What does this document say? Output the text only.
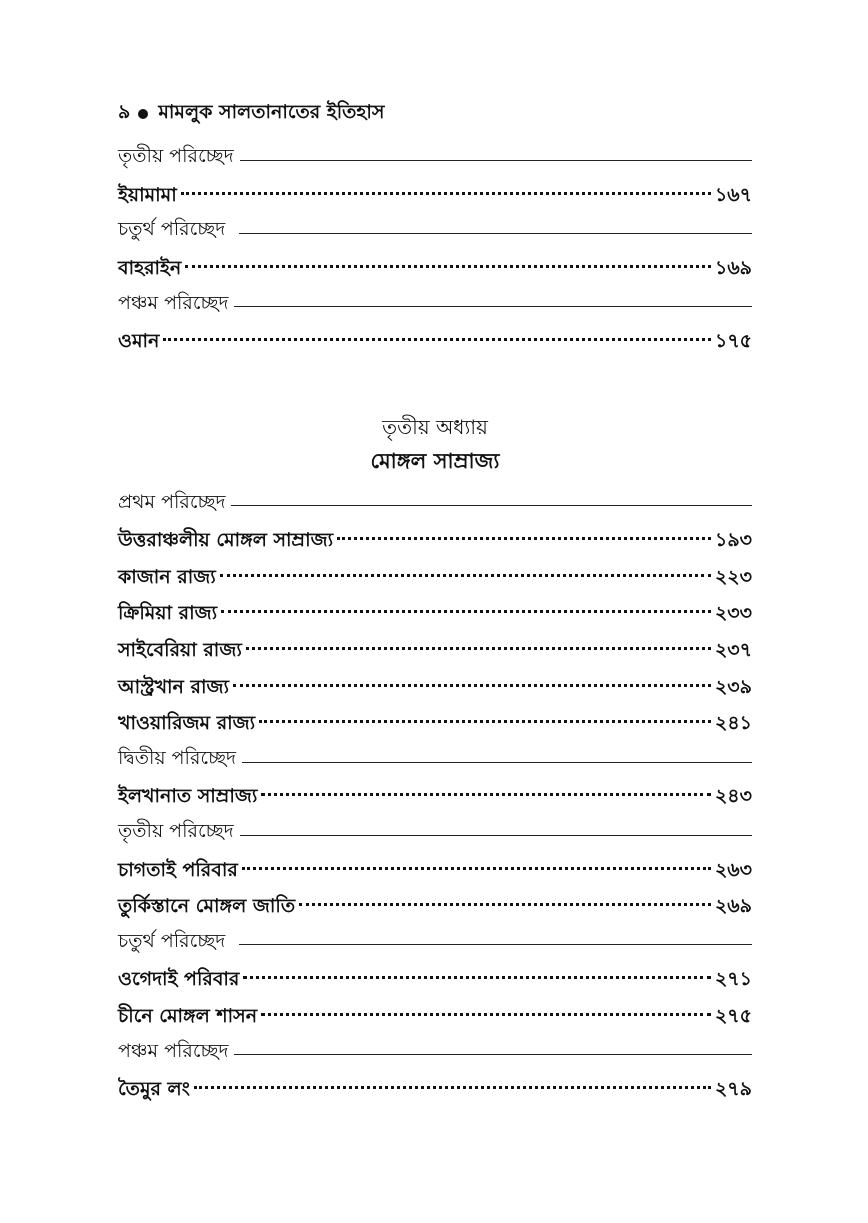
৯ মামলুক সালতানাতের ইতিহাস
তৃতীয় পরিচ্ছেদ
ইয়ামামা	১৬৭
চতুর্থ পরিচ্ছেদ
বাহরাইন	১৬৯
পঞ্চম পরিচ্ছেদ
ওমান	১৭৫
তৃতীয় অধ্যায়
মোঙ্গল সাম্রাজ্য
প্রথম পরিচ্ছেদ
উত্তরাঞ্চলীয় মোঙ্গল সাম্রাজ্য	১৯৩
কাজান রাজ্য	২২৩
ক্রিমিয়া রাজ্য	২৩৩
সাইবেরিয়া রাজ্য	২৩৭
আস্ট্রখান রাজ্য	২৩৯
খাওয়ারিজম রাজ্য	২৪১
দ্বিতীয় পরিচ্ছেদ
ইলখানাত সাম্রাজ্য	২৪৩
তৃতীয় পরিচ্ছেদ
চাগতাই পরিবার	২৬৩
তুর্কিস্তানে মোঙ্গল জাতি	২৬৯
চতুর্থ পরিচ্ছেদ
ওগেদাই পরিবার	২৭১
চীনে মোঙ্গল শাসন	২৭৫
পঞ্চম পরিচ্ছেদ
তৈমুর লং	২৭৯
